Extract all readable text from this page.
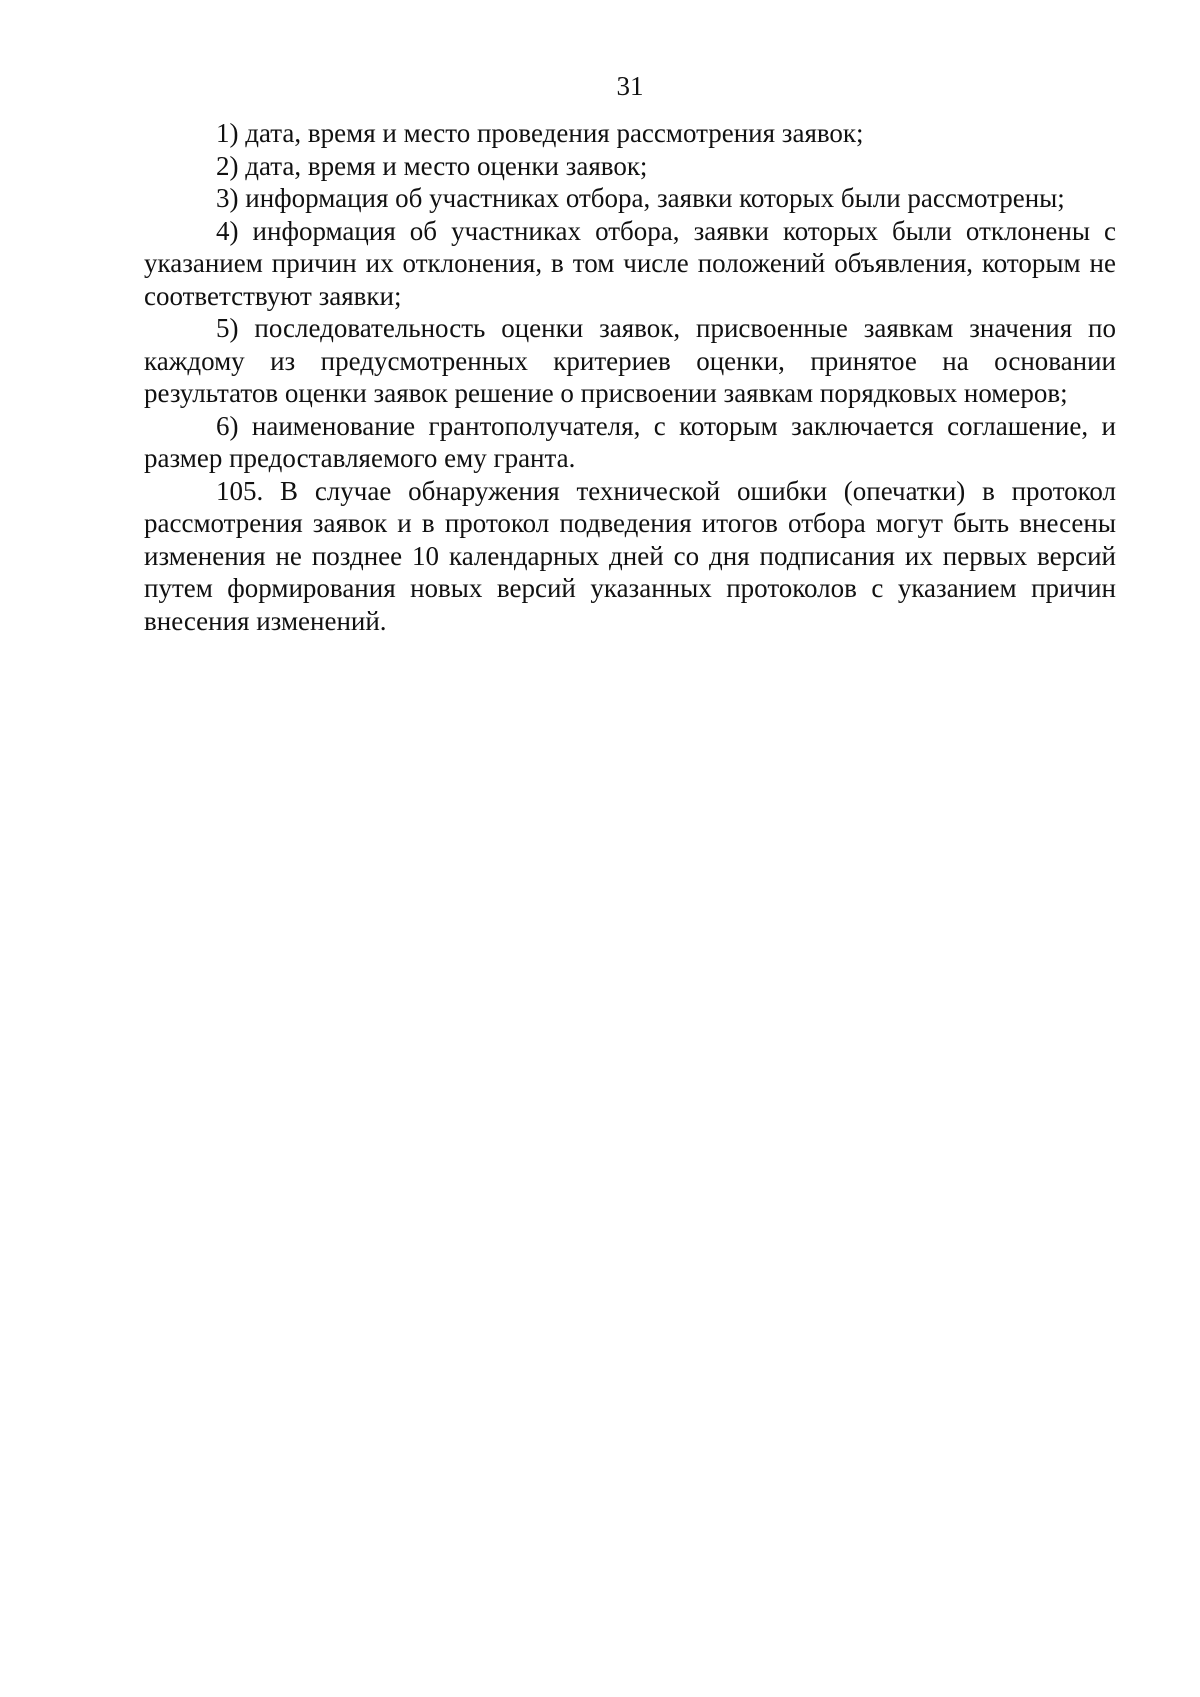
31

1) дата, время и место проведения рассмотрения заявок;

2) дата, время и место оценки заявок;

3) информация об участниках отбора, заявки которых были рассмотрены;

4) информация об участниках отбора, заявки которых были отклонены с указанием причин их отклонения, в том числе положений объявления, которым не соответствуют заявки;

5) последовательность оценки заявок, присвоенные заявкам значения по каждому из предусмотренных критериев оценки, принятое на основании результатов оценки заявок решение о присвоении заявкам порядковых номеров;

6) наименование грантополучателя, с которым заключается соглашение, и размер предоставляемого ему гранта.

105. В случае обнаружения технической ошибки (опечатки) в протокол рассмотрения заявок и в протокол подведения итогов отбора могут быть внесены изменения не позднее 10 календарных дней со дня подписания их первых версий путем формирования новых версий указанных протоколов с указанием причин внесения изменений.
